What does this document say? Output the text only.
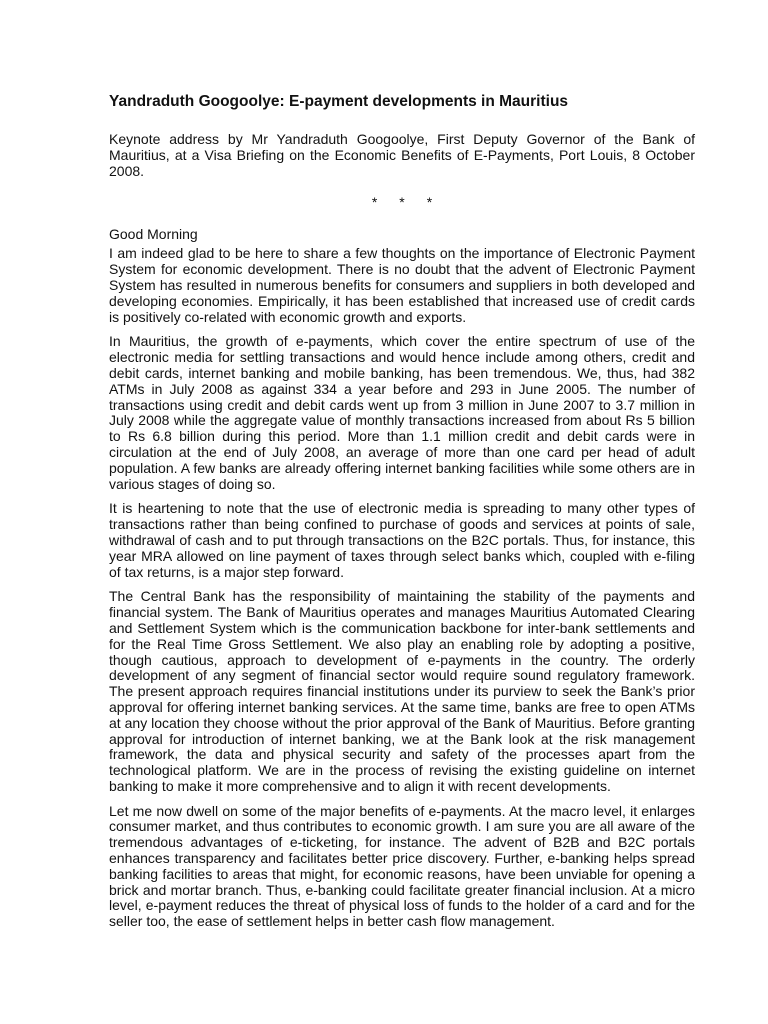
Yandraduth Googoolye: E-payment developments in Mauritius
Keynote address by Mr Yandraduth Googoolye, First Deputy Governor of the Bank of Mauritius, at a Visa Briefing on the Economic Benefits of E-Payments, Port Louis, 8 October 2008.
* * *
Good Morning

I am indeed glad to be here to share a few thoughts on the importance of Electronic Payment System for economic development. There is no doubt that the advent of Electronic Payment System has resulted in numerous benefits for consumers and suppliers in both developed and developing economies. Empirically, it has been established that increased use of credit cards is positively co-related with economic growth and exports.

In Mauritius, the growth of e-payments, which cover the entire spectrum of use of the electronic media for settling transactions and would hence include among others, credit and debit cards, internet banking and mobile banking, has been tremendous. We, thus, had 382 ATMs in July 2008 as against 334 a year before and 293 in June 2005. The number of transactions using credit and debit cards went up from 3 million in June 2007 to 3.7 million in July 2008 while the aggregate value of monthly transactions increased from about Rs 5 billion to Rs 6.8 billion during this period. More than 1.1 million credit and debit cards were in circulation at the end of July 2008, an average of more than one card per head of adult population. A few banks are already offering internet banking facilities while some others are in various stages of doing so.

It is heartening to note that the use of electronic media is spreading to many other types of transactions rather than being confined to purchase of goods and services at points of sale, withdrawal of cash and to put through transactions on the B2C portals. Thus, for instance, this year MRA allowed on line payment of taxes through select banks which, coupled with e-filing of tax returns, is a major step forward.

The Central Bank has the responsibility of maintaining the stability of the payments and financial system. The Bank of Mauritius operates and manages Mauritius Automated Clearing and Settlement System which is the communication backbone for inter-bank settlements and for the Real Time Gross Settlement. We also play an enabling role by adopting a positive, though cautious, approach to development of e-payments in the country. The orderly development of any segment of financial sector would require sound regulatory framework. The present approach requires financial institutions under its purview to seek the Bank’s prior approval for offering internet banking services. At the same time, banks are free to open ATMs at any location they choose without the prior approval of the Bank of Mauritius. Before granting approval for introduction of internet banking, we at the Bank look at the risk management framework, the data and physical security and safety of the processes apart from the technological platform. We are in the process of revising the existing guideline on internet banking to make it more comprehensive and to align it with recent developments.

Let me now dwell on some of the major benefits of e-payments. At the macro level, it enlarges consumer market, and thus contributes to economic growth. I am sure you are all aware of the tremendous advantages of e-ticketing, for instance. The advent of B2B and B2C portals enhances transparency and facilitates better price discovery. Further, e-banking helps spread banking facilities to areas that might, for economic reasons, have been unviable for opening a brick and mortar branch. Thus, e-banking could facilitate greater financial inclusion. At a micro level, e-payment reduces the threat of physical loss of funds to the holder of a card and for the seller too, the ease of settlement helps in better cash flow management.
